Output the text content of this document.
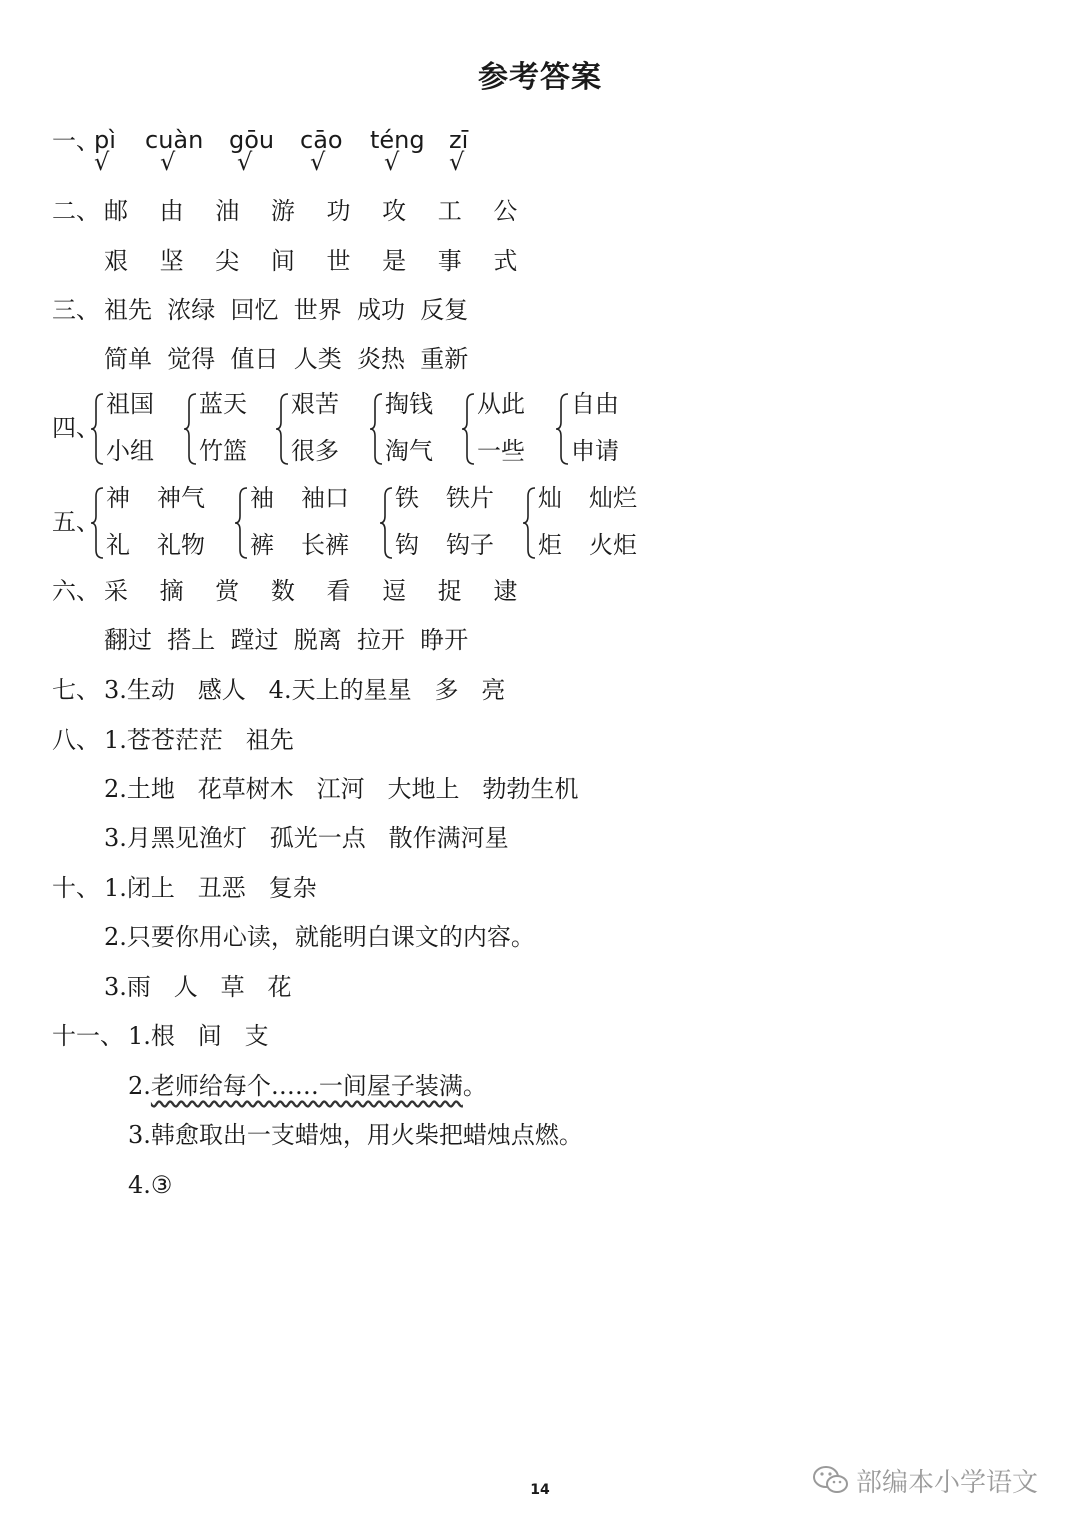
参考答案
一、
pì cuàn gōu cāo téng zī
√ √	√ √ √ √
二、 邮 由 油 游 功 攻 工 公
艰 坚 尖 间 世 是 事 式
三、 祖先  浓绿  回忆  世界  成功  反复
简单  觉得  值日  人类  炎热  重新
四、
祖国
小组
蓝天
竹篮
艰苦
很多
掏钱
淘气
从此
一些
自由
申请
五、
神 神气
礼 礼物
袖 袖口
裤 长裤
铁 铁片
钩 钩子
灿 灿烂
炬 火炬
六、 采 摘 赏 数 看 逗 捉 逮
翻过  搭上  蹚过  脱离  拉开  睁开
七、 3.生动   感人   4.天上的星星   多   亮
八、 1.苍苍茫茫   祖先
2.土地   花草树木   江河   大地上   勃勃生机
3.月黑见渔灯   孤光一点   散作满河星
十、 1.闭上   丑恶   复杂
2.只要你用心读，就能明白课文的内容。
3.雨   人   草   花
十一、 1.根   间   支
2.老师给每个……一间屋子装满。
3.韩愈取出一支蜡烛，用火柴把蜡烛点燃。
4.③
14	部编本小学语文
